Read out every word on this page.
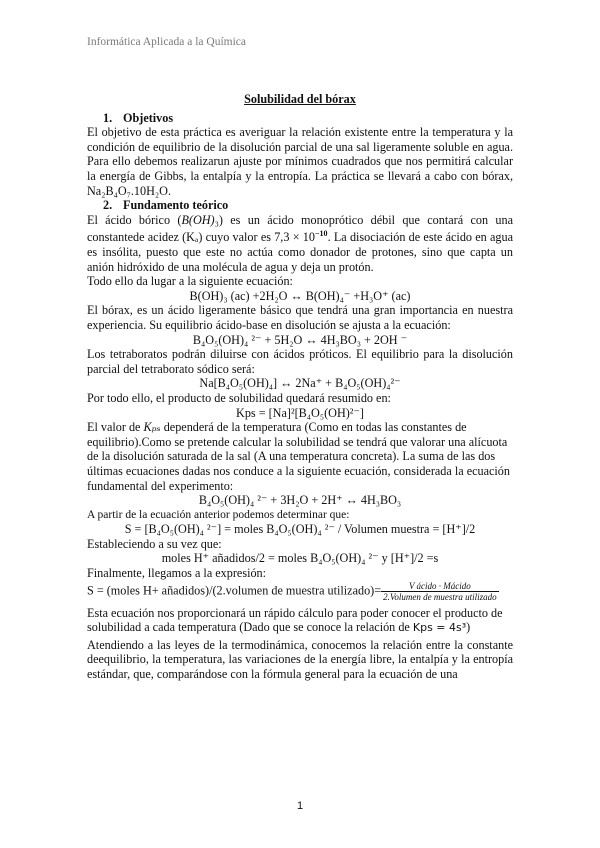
Informática Aplicada a la Química

Solubilidad del bórax

1. Objetivos

El objetivo de esta práctica es averiguar la relación existente entre la temperatura y la condición de equilibrio de la disolución parcial de una sal ligeramente soluble en agua. Para ello debemos realizarun ajuste por mínimos cuadrados que nos permitirá calcular la energía de Gibbs, la entalpía y la entropía. La práctica se llevará a cabo con bórax, Na₂B₄O₇.10H₂O.

2. Fundamento teórico

El ácido bórico (B(OH)₃) es un ácido monoprótico débil que contará con una constantede acidez (Kₐ) cuyo valor es $7,3 \times 10^{-10}$. La disociación de este ácido en agua es insólita, puesto que este no actúa como donador de protones, sino que capta un anión hidróxido de una molécula de agua y deja un protón.

Todo ello da lugar a la siguiente ecuación:

B(OH)₃ (ac) +2H₂O ↔ B(OH)₄⁻ +H₃O⁺ (ac)

El bórax, es un ácido ligeramente básico que tendrá una gran importancia en nuestra experiencia. Su equilibrio ácido-base en disolución se ajusta a la ecuación:

B₄O₅(OH)₄ ²⁻ + 5H₂O ↔ 4H₃BO₃ + 2OH ⁻

Los tetraboratos podrán diluirse con ácidos próticos. El equilibrio para la disolución parcial del tetraborato sódico será:

Na[B₄O₅(OH)₄] ↔ 2Na⁺ + B₄O₅(OH)₄²⁻

Por todo ello, el producto de solubilidad quedará resumido en:

Kps = [Na]²[B₄O₅(OH)²⁻]

El valor de Kₚₛ dependerá de la temperatura (Como en todas las constantes de equilibrio).Como se pretende calcular la solubilidad se tendrá que valorar una alícuota de la disolución saturada de la sal (A una temperatura concreta). La suma de las dos últimas ecuaciones dadas nos conduce a la siguiente ecuación, considerada la ecuación fundamental del experimento:

B₄O₅(OH)₄ ²⁻ + 3H₂O + 2H⁺ ↔ 4H₃BO₃

A partir de la ecuación anterior podemos determinar que:

S = [B₄O₅(OH)₄ ²⁻] = moles B₄O₅(OH)₄ ²⁻ / Volumen muestra = [H⁺]/2

Estableciendo a su vez que:

moles H⁺ añadidos/2 = moles B₄O₅(OH)₄ ²⁻ y [H⁺]/2 =s

Finalmente, llegamos a la expresión:

S = (moles H+ añadidos)/(2.volumen de muestra utilizado)= $\frac{\text{V ácido · Mácido}}{\text{2.Volumen de muestra utilizado}}$

Esta ecuación nos proporcionará un rápido cálculo para poder conocer el producto de solubilidad a cada temperatura (Dado que se conoce la relación de Kps = 4s³)

Atendiendo a las leyes de la termodinámica, conocemos la relación entre la constante deequilibrio, la temperatura, las variaciones de la energía libre, la entalpía y la entropía estándar, que, comparándose con la fórmula general para la ecuación de una

1
